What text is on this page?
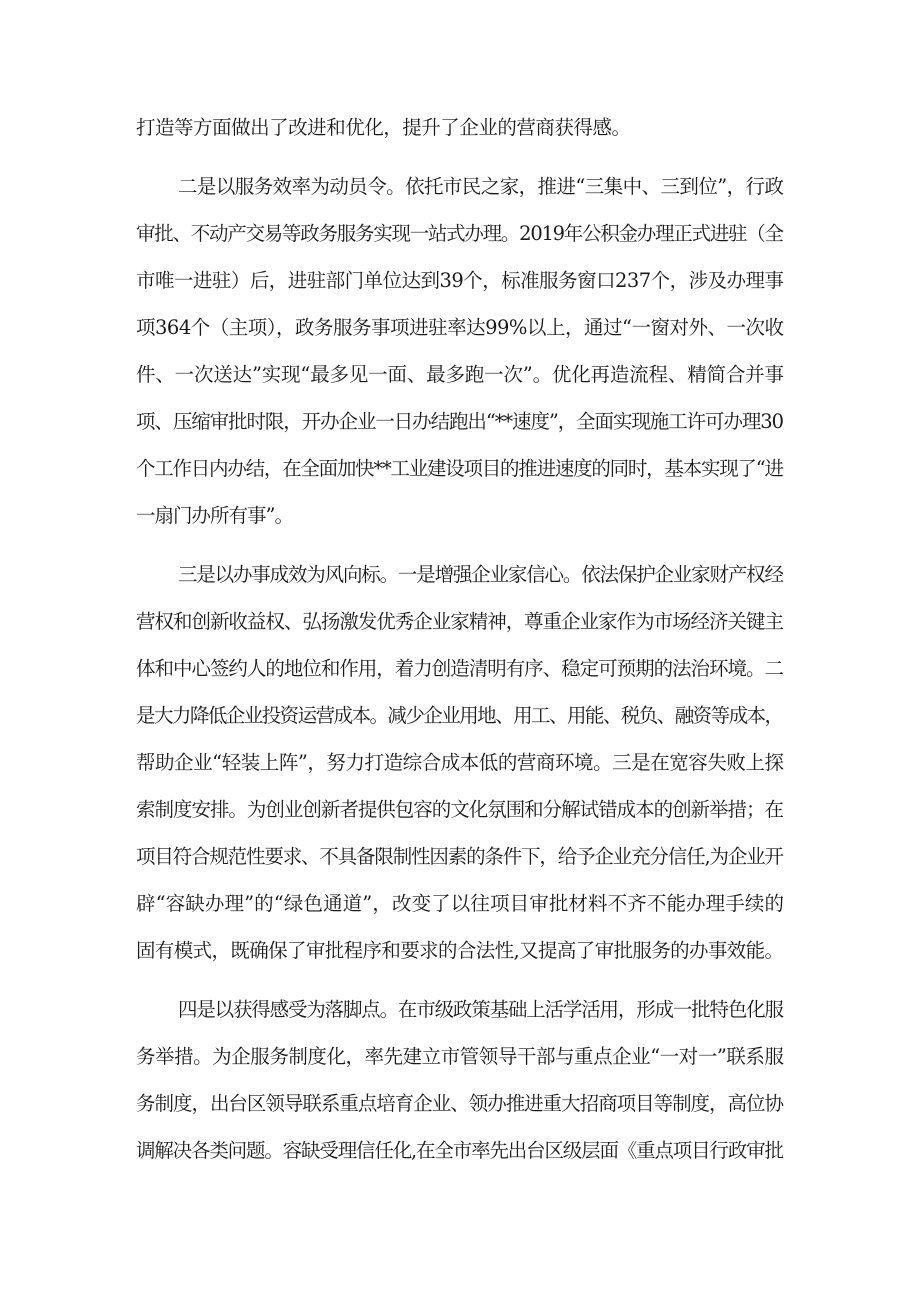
打造等方面做出了改进和优化，提升了企业的营商获得感。
二是以服务效率为动员令。依托市民之家，推进“三集中、三到位”，行政
审批、不动产交易等政务服务实现一站式办理。2019年公积金办理正式进驻（全
市唯一进驻）后，进驻部门单位达到39个，标准服务窗口237个，涉及办理事
项364个（主项），政务服务事项进驻率达99%以上，通过“一窗对外、一次收
件、一次送达”实现“最多见一面、最多跑一次”。优化再造流程、精简合并事
项、压缩审批时限，开办企业一日办结跑出“**速度”，全面实现施工许可办理30
个工作日内办结，在全面加快**工业建设项目的推进速度的同时，基本实现了“进
一扇门办所有事”。
三是以办事成效为风向标。一是增强企业家信心。依法保护企业家财产权经
营权和创新收益权、弘扬激发优秀企业家精神，尊重企业家作为市场经济关键主
体和中心签约人的地位和作用，着力创造清明有序、稳定可预期的法治环境。二
是大力降低企业投资运营成本。减少企业用地、用工、用能、税负、融资等成本，
帮助企业“轻装上阵”，努力打造综合成本低的营商环境。三是在宽容失败上探
索制度安排。为创业创新者提供包容的文化氛围和分解试错成本的创新举措；在
项目符合规范性要求、不具备限制性因素的条件下，给予企业充分信任,为企业开
辟“容缺办理”的“绿色通道”，改变了以往项目审批材料不齐不能办理手续的
固有模式，既确保了审批程序和要求的合法性,又提高了审批服务的办事效能。
四是以获得感受为落脚点。在市级政策基础上活学活用，形成一批特色化服
务举措。为企服务制度化，率先建立市管领导干部与重点企业“一对一”联系服
务制度，出台区领导联系重点培育企业、领办推进重大招商项目等制度，高位协
调解决各类问题。容缺受理信任化,在全市率先出台区级层面《重点项目行政审批
